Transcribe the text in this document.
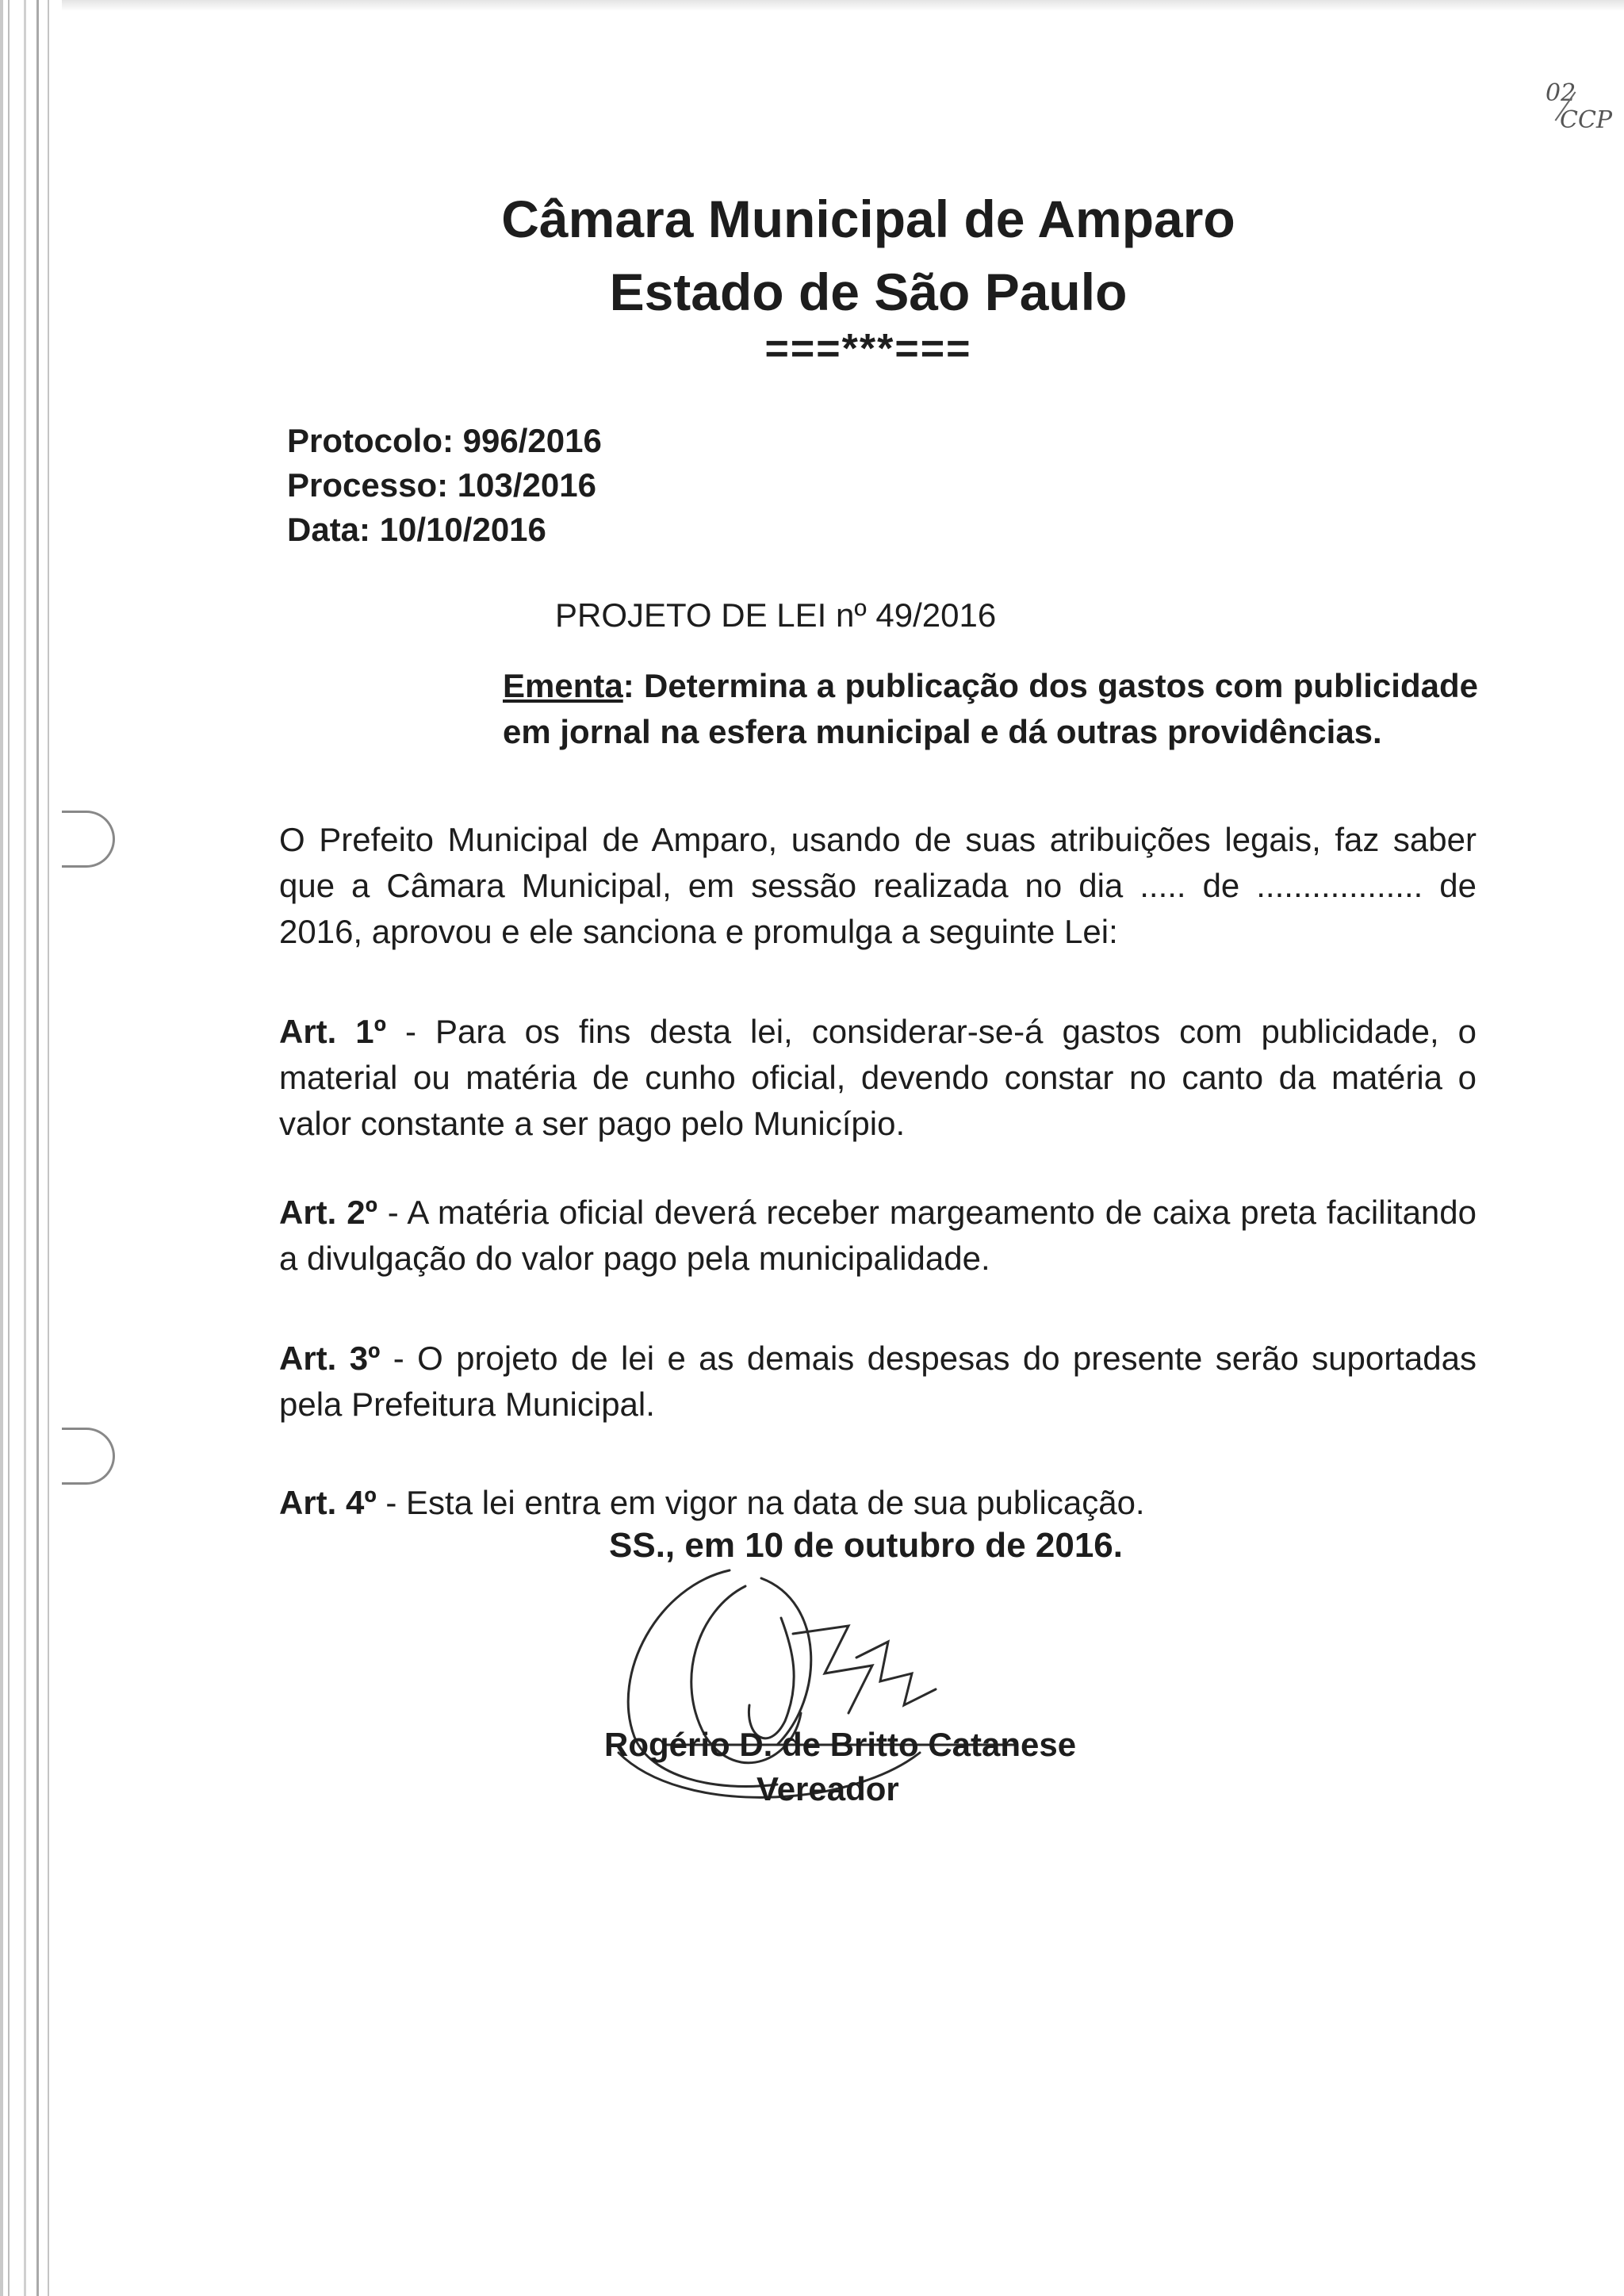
02
CCP
Câmara Municipal de Amparo
Estado de São Paulo
===***===
Protocolo: 996/2016
Processo: 103/2016
Data: 10/10/2016
PROJETO DE LEI nº 49/2016
Ementa: Determina a publicação dos gastos com publicidade em jornal na esfera municipal e dá outras providências.
O Prefeito Municipal de Amparo, usando de suas atribuições legais, faz saber que a Câmara Municipal, em sessão realizada no dia ..... de .................. de 2016, aprovou e ele sanciona e promulga a seguinte Lei:
Art. 1º - Para os fins desta lei, considerar-se-á gastos com publicidade, o material ou matéria de cunho oficial, devendo constar no canto da matéria o valor constante a ser pago pelo Município.
Art. 2º - A matéria oficial deverá receber margeamento de caixa preta facilitando a divulgação do valor pago pela municipalidade.
Art. 3º - O projeto de lei e as demais despesas do presente serão suportadas pela Prefeitura Municipal.
Art. 4º - Esta lei entra em vigor na data de sua publicação.
SS., em 10 de outubro de 2016.
Rogério D. de Britto Catanese
Vereador
